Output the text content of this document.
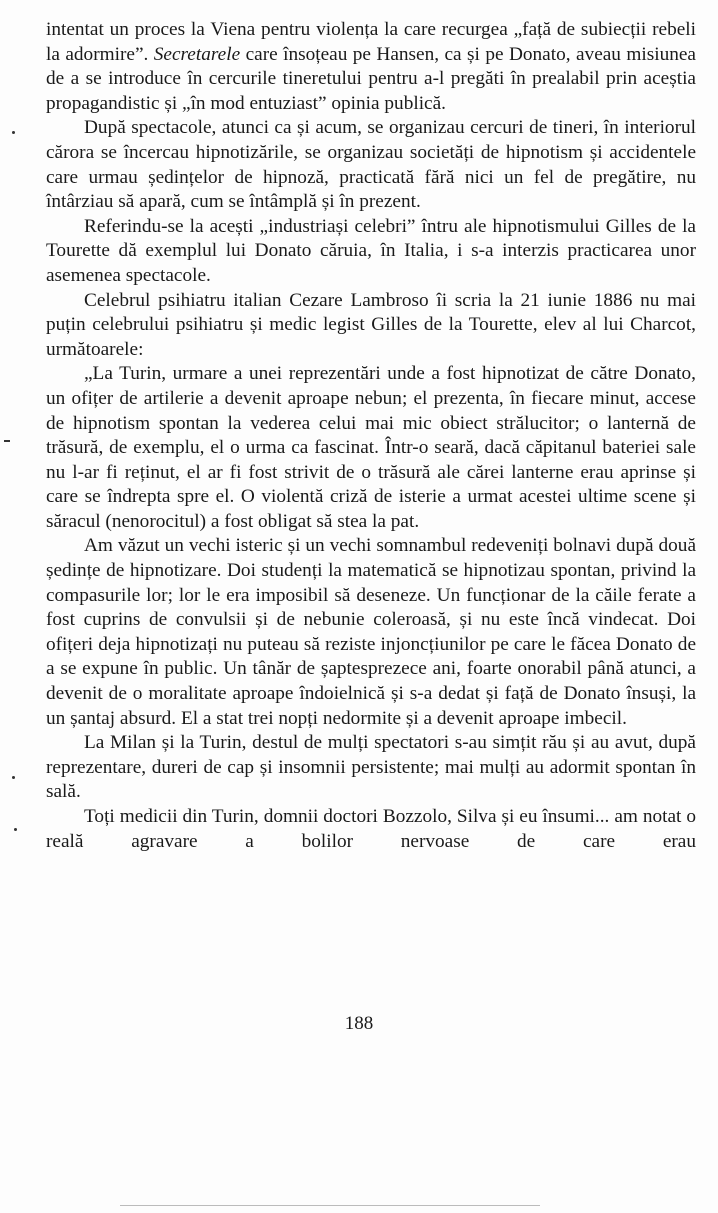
intentat un proces la Viena pentru violența la care recurgea „față de subiecții rebeli la adormire”. Secretarele care însoțeau pe Hansen, ca și pe Donato, aveau misiunea de a se introduce în cercurile tineretului pentru a-l pregăti în prealabil prin aceștia propagandistic și „în mod entuziast” opinia publică.

După spectacole, atunci ca și acum, se organizau cercuri de tineri, în interiorul cărora se încercau hipnotizările, se organizau societăți de hipnotism și accidentele care urmau ședințelor de hipnoză, practicată fără nici un fel de pregătire, nu întârziau să apară, cum se întâmplă și în prezent.

Referindu-se la acești „industriași celebri” întru ale hipnotismului Gilles de la Tourette dă exemplul lui Donato căruia, în Italia, i s-a interzis practicarea unor asemenea spectacole.

Celebrul psihiatru italian Cezare Lambroso îi scria la 21 iunie 1886 nu mai puțin celebrului psihiatru și medic legist Gilles de la Tourette, elev al lui Charcot, următoarele:

„La Turin, urmare a unei reprezentări unde a fost hipnotizat de către Donato, un ofițer de artilerie a devenit aproape nebun; el prezenta, în fiecare minut, accese de hipnotism spontan la vederea celui mai mic obiect strălucitor; o lanternă de trăsură, de exemplu, el o urma ca fascinat. Într-o seară, dacă căpitanul bateriei sale nu l-ar fi reținut, el ar fi fost strivit de o trăsură ale cărei lanterne erau aprinse și care se îndrepta spre el. O violentă criză de isterie a urmat acestei ultime scene și săracul (nenorocitul) a fost obligat să stea la pat.

Am văzut un vechi isteric și un vechi somnambul redeveniți bolnavi după două ședințe de hipnotizare. Doi studenți la matematică se hipnotizau spontan, privind la compasurile lor; lor le era imposibil să deseneze. Un funcționar de la căile ferate a fost cuprins de convulsii și de nebunie coleroasă, și nu este încă vindecat. Doi ofițeri deja hipnotizați nu puteau să reziste injoncțiunilor pe care le făcea Donato de a se expune în public. Un tânăr de șaptesprezece ani, foarte onorabil până atunci, a devenit de o moralitate aproape îndoielnică și s-a dedat și față de Donato însuși, la un șantaj absurd. El a stat trei nopți nedormite și a devenit aproape imbecil.

La Milan și la Turin, destul de mulți spectatori s-au simțit rău și au avut, după reprezentare, dureri de cap și insomnii persistente; mai mulți au adormit spontan în sală.

Toți medicii din Turin, domnii doctori Bozzolo, Silva și eu însumi... am notat o reală agravare a bolilor nervoase de care erau

188
